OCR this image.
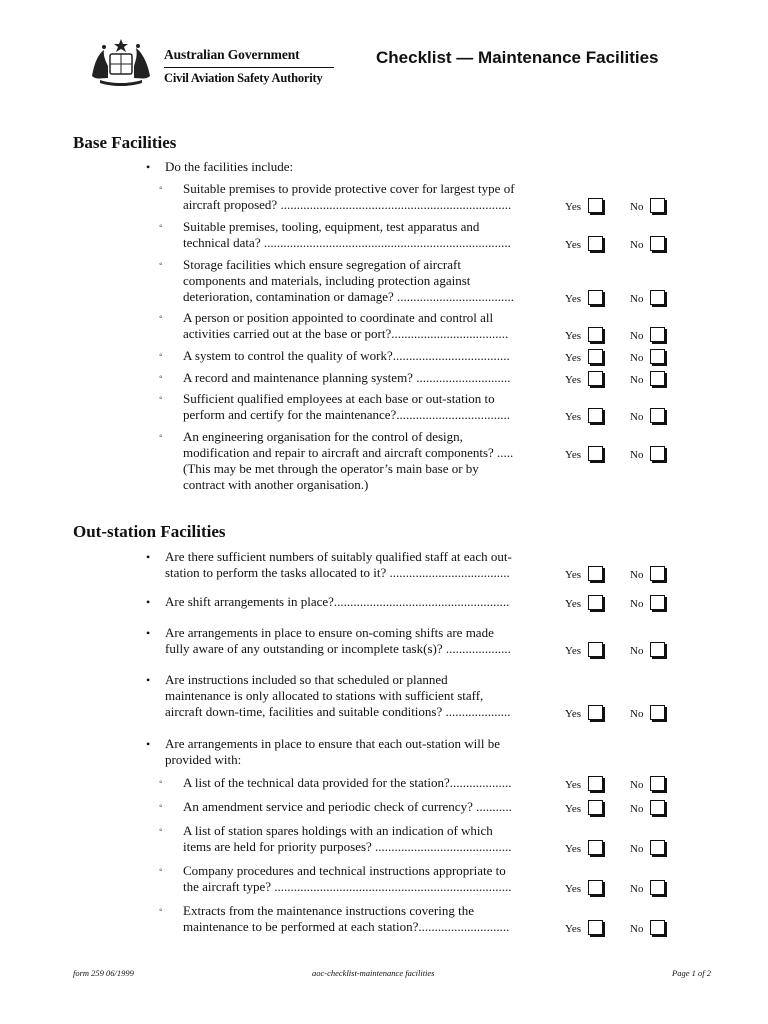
Australian Government
Civil Aviation Safety Authority
Checklist — Maintenance Facilities
Base Facilities
Out-station Facilities
• Do the facilities include:
◦ Suitable premises to provide protective cover for largest type of
aircraft proposed? .......................................................................	Yes	No
◦ Suitable premises, tooling, equipment, test apparatus and
technical data? ............................................................................	Yes	No
◦ Storage facilities which ensure segregation of aircraft
components and materials, including protection against
deterioration, contamination or damage? ....................................	Yes	No
◦ A person or position appointed to coordinate and control all
activities carried out at the base or port?....................................	Yes	No
◦ A system to control the quality of work?....................................	Yes	No
◦ A record and maintenance planning system? .............................	Yes	No
◦ Sufficient qualified employees at each base or out-station to
perform and certify for the maintenance?...................................	Yes	No
◦ An engineering organisation for the control of design,
modification and repair to aircraft and aircraft components? .....
(This may be met through the operator’s main base or by
contract with another organisation.)
Yes	No
• Are there sufficient numbers of suitably qualified staff at each out-
station to perform the tasks allocated to it? .....................................	Yes	No
• Are shift arrangements in place?......................................................	Yes	No
• Are arrangements in place to ensure on-coming shifts are made
fully aware of any outstanding or incomplete task(s)? ....................	Yes	No
• Are instructions included so that scheduled or planned
maintenance is only allocated to stations with sufficient staff,
aircraft down-time, facilities and suitable conditions? ....................	Yes	No
• Are arrangements in place to ensure that each out-station will be
provided with:
◦ A list of the technical data provided for the station?...................	Yes	No
◦ An amendment service and periodic check of currency? ...........	Yes	No
◦ A list of station spares holdings with an indication of which
items are held for priority purposes? ..........................................	Yes	No
◦ Company procedures and technical instructions appropriate to
the aircraft type? .........................................................................	Yes	No
◦ Extracts from the maintenance instructions covering the
maintenance to be performed at each station?............................	Yes	No
form 259 06/1999	aoc-checklist-maintenance facilities	Page 1 of 2
